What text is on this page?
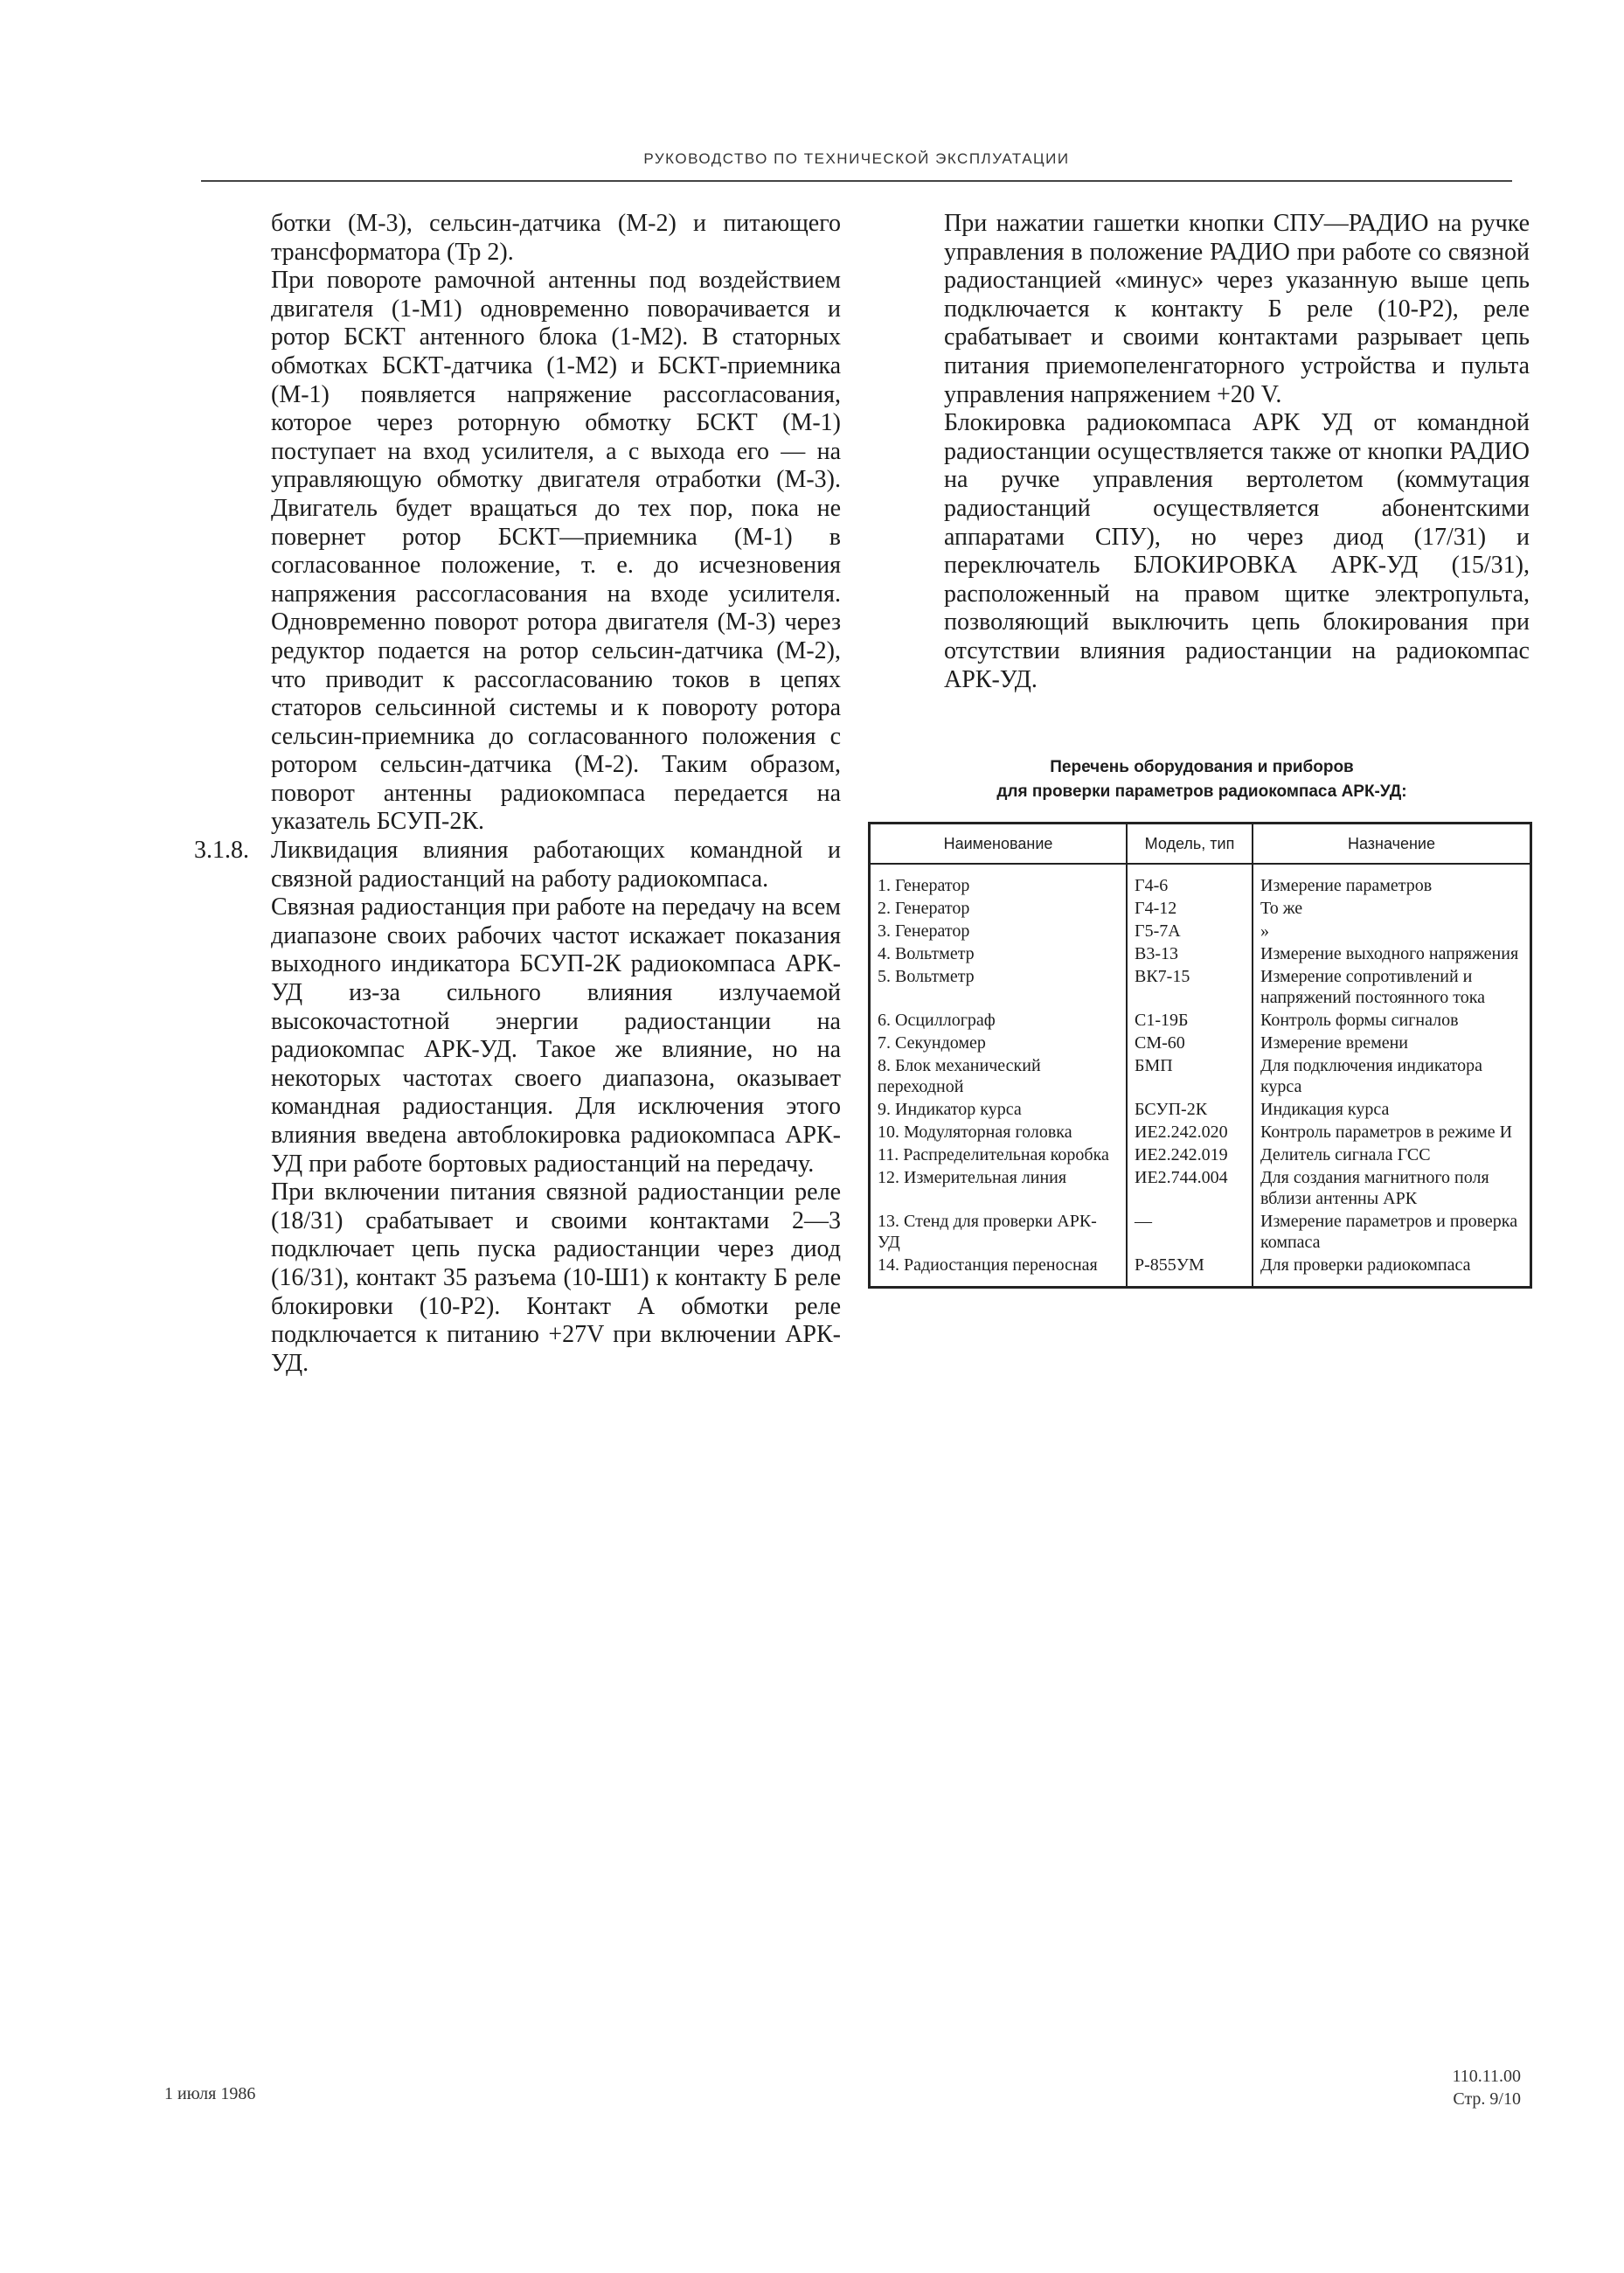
РУКОВОДСТВО ПО ТЕХНИЧЕСКОЙ ЭКСПЛУАТАЦИИ

ботки (М-3), сельсин-датчика (М-2) и питающего трансформатора (Тр 2).

При повороте рамочной антенны под воздействием двигателя (1-М1) одновременно поворачивается и ротор БСКТ антенного блока (1-М2). В статорных обмотках БСКТ-датчика (1-М2) и БСКТ-приемника (М-1) появляется напряжение рассогласования, которое через роторную обмотку БСКТ (М-1) поступает на вход усилителя, а с выхода его — на управляющую обмотку двигателя отработки (М-3). Двигатель будет вращаться до тех пор, пока не повернет ротор БСКТ—приемника (М-1) в согласованное положение, т. е. до исчезновения напряжения рассогласования на входе усилителя. Одновременно поворот ротора двигателя (М-3) через редуктор подается на ротор сельсин-датчика (М-2), что приводит к рассогласованию токов в цепях статоров сельсинной системы и к повороту ротора сельсин-приемника до согласованного положения с ротором сельсин-датчика (М-2). Таким образом, поворот антенны радиокомпаса передается на указатель БСУП-2К.

3.1.8. Ликвидация влияния работающих командной и связной радиостанций на работу радиокомпаса.

Связная радиостанция при работе на передачу на всем диапазоне своих рабочих частот искажает показания выходного индикатора БСУП-2К радиокомпаса АРК-УД из-за сильного влияния излучаемой высокочастотной энергии радиостанции на радиокомпас АРК-УД. Такое же влияние, но на некоторых частотах своего диапазона, оказывает командная радиостанция. Для исключения этого влияния введена автоблокировка радиокомпаса АРК-УД при работе бортовых радиостанций на передачу.

При включении питания связной радиостанции реле (18/31) срабатывает и своими контактами 2—3 подключает цепь пуска радиостанции через диод (16/31), контакт 35 разъема (10-Ш1) к контакту Б реле блокировки (10-Р2). Контакт А обмотки реле подключается к питанию +27V при включении АРК-УД.

При нажатии гашетки кнопки СПУ—РАДИО на ручке управления в положение РАДИО при работе со связной радиостанцией «минус» через указанную выше цепь подключается к контакту Б реле (10-Р2), реле срабатывает и своими контактами разрывает цепь питания приемопеленгаторного устройства и пульта управления напряжением +20 V.

Блокировка радиокомпаса АРК УД от командной радиостанции осуществляется также от кнопки РАДИО на ручке управления вертолетом (коммутация радиостанций осуществляется абонентскими аппаратами СПУ), но через диод (17/31) и переключатель БЛОКИРОВКА АРК-УД (15/31), расположенный на правом щитке электропульта, позволяющий выключить цепь блокирования при отсутствии влияния радиостанции на радиокомпас АРК-УД.

Перечень оборудования и приборов
для проверки параметров радиокомпаса АРК-УД:
Наименование	Модель, тип	Назначение
1. Генератор	Г4-6	Измерение параметров
2. Генератор	Г4-12	То же
3. Генератор	Г5-7А	»
4. Вольтметр	В3-13	Измерение выходного напряжения
5. Вольтметр	ВК7-15	Измерение сопротивлений и напряжений постоянного тока
6. Осциллограф	С1-19Б	Контроль формы сигналов
7. Секундомер	СМ-60	Измерение времени
8. Блок механический переходной	БМП	Для подключения индикатора курса
9. Индикатор курса	БСУП-2К	Индикация курса
10. Модуляторная головка	ИЕ2.242.020	Контроль параметров в режиме И
11. Распределительная коробка	ИЕ2.242.019	Делитель сигнала ГСС
12. Измерительная линия	ИЕ2.744.004	Для создания магнитного поля вблизи антенны АРК
13. Стенд для проверки АРК-УД	—	Измерение параметров и проверка компаса
14. Радиостанция переносная	Р-855УМ	Для проверки радиокомпаса
1 июля 1986
110.11.00
Стр. 9/10
